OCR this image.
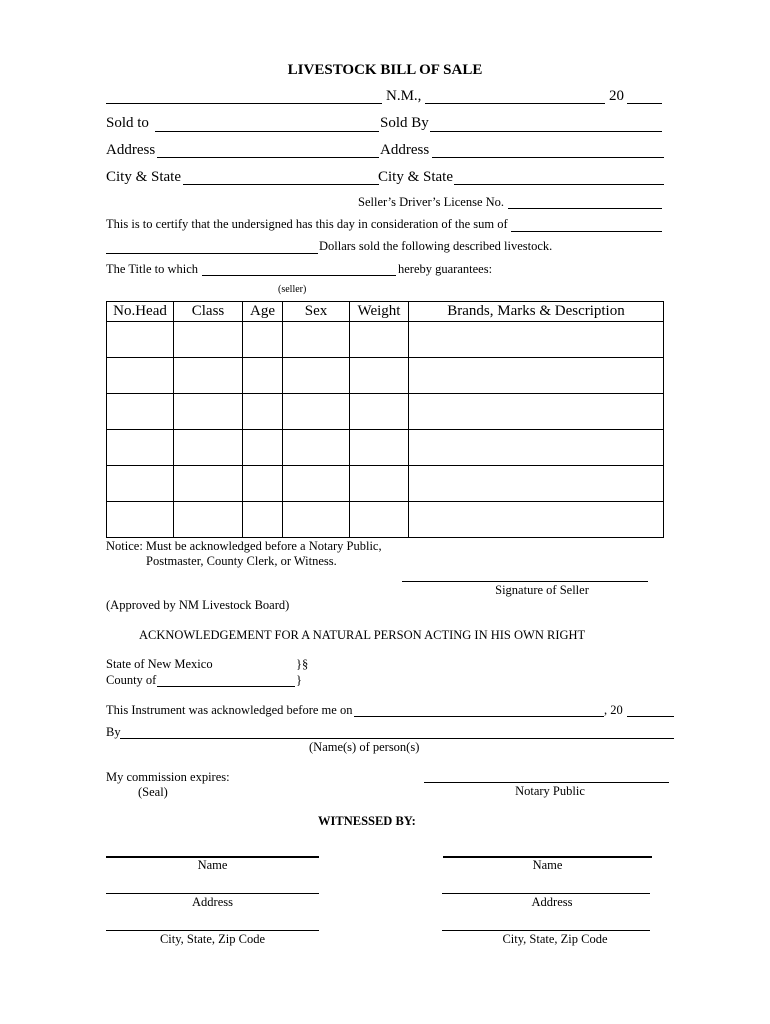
LIVESTOCK BILL OF SALE
N.M.,	20
Sold to	Sold By
Address	Address
City & State	City & State
Seller’s Driver’s License No.
This is to certify that the undersigned has this day in consideration of the sum of
Dollars sold the following described livestock.
The Title to which	hereby guarantees:
(seller)
No.Head	Class	Age	Sex	Weight	Brands, Marks & Description

Notice: Must be acknowledged before a Notary Public,
Postmaster, County Clerk, or Witness.
Signature of Seller
(Approved by NM Livestock Board)
ACKNOWLEDGEMENT FOR A NATURAL PERSON ACTING IN HIS OWN RIGHT
State of New Mexico	}§
County of	}
This Instrument was acknowledged before me on	, 20
By
(Name(s) of person(s)
My commission expires:
(Seal)	Notary Public
WITNESSED BY:
Name
Address
City, State, Zip Code
Name
Address
City, State, Zip Code
